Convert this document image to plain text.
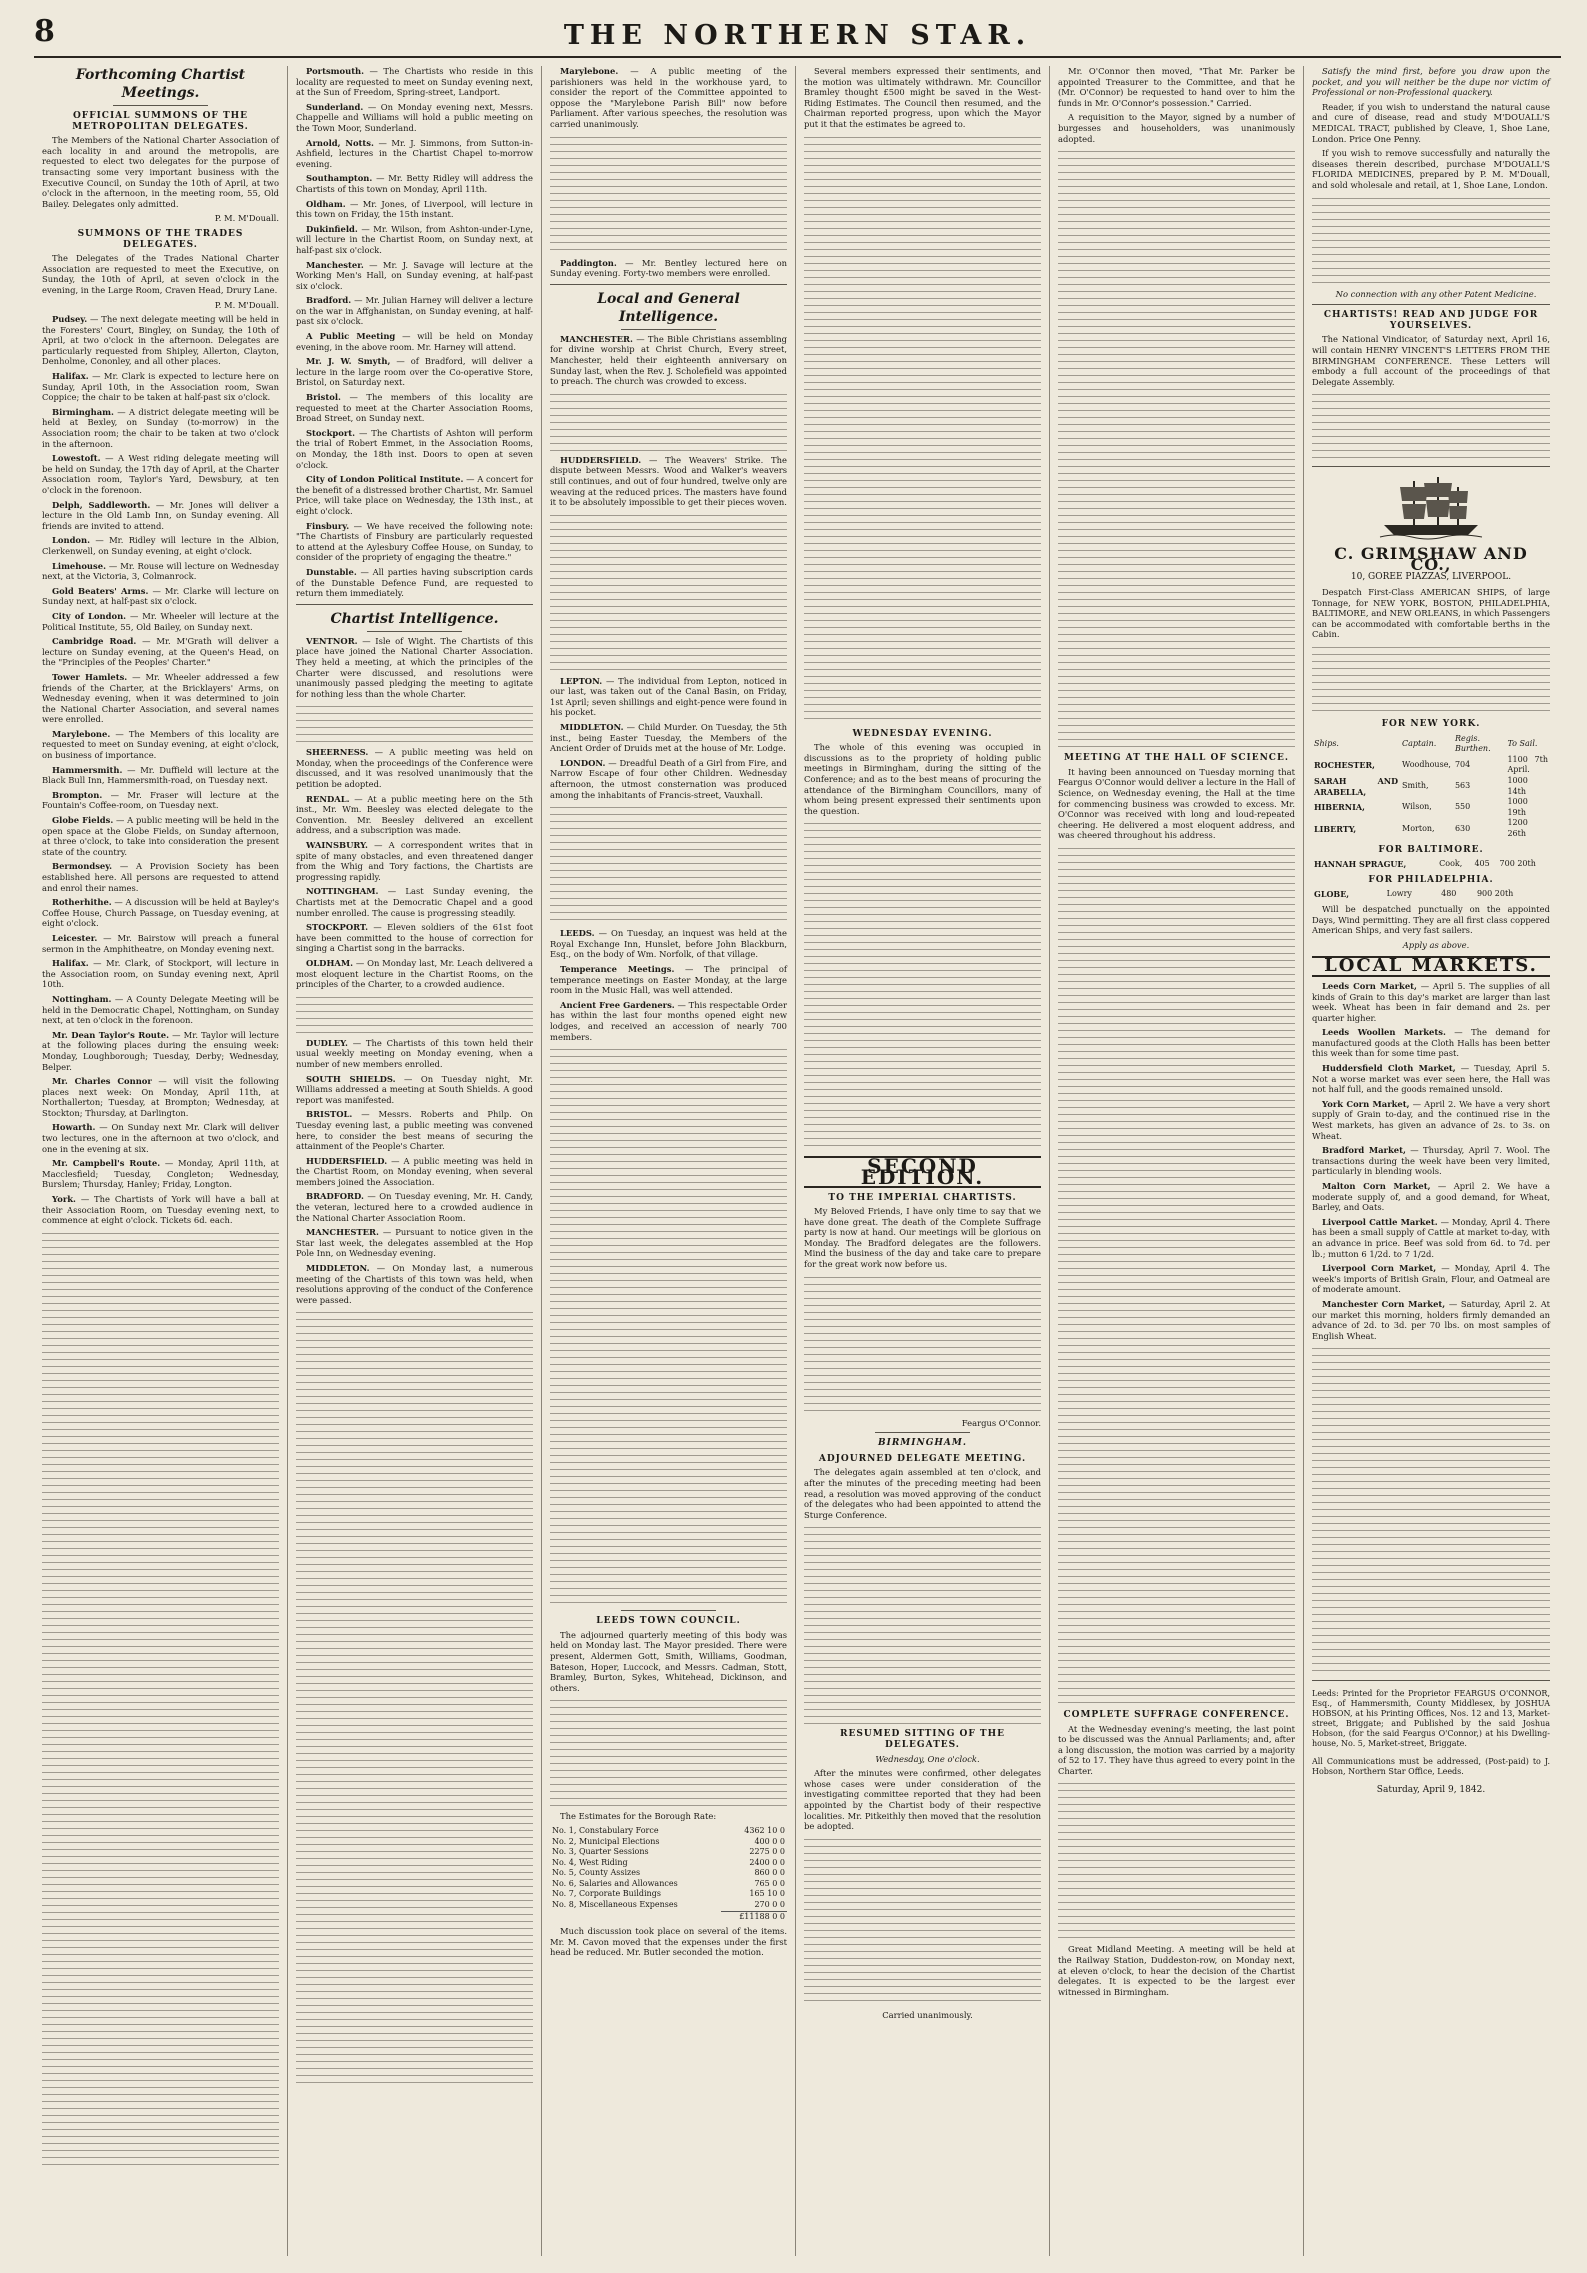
8	THE NORTHERN STAR.
Forthcoming Chartist Meetings.
OFFICIAL SUMMONS OF THE METROPOLITAN DELEGATES.

The Members of the National Charter Association of each locality in and around the metropolis, are requested to elect two delegates for the purpose of transacting some very important business with the Executive Council, on Sunday the 10th of April, at two o'clock in the afternoon, in the meeting room, 55, Old Bailey. Delegates only admitted.

P. M. M'Douall.

SUMMONS OF THE TRADES DELEGATES.

The Delegates of the Trades National Charter Association are requested to meet the Executive, on Sunday, the 10th of April, at seven o'clock in the evening, in the Large Room, Craven Head, Drury Lane.

P. M. M'Douall.

Pudsey. — The next delegate meeting will be held in the Foresters' Court, Bingley, on Sunday, the 10th of April, at two o'clock in the afternoon. Delegates are particularly requested from Shipley, Allerton, Clayton, Denholme, Cononley, and all other places.

Halifax. — Mr. Clark is expected to lecture here on Sunday, April 10th, in the Association room, Swan Coppice; the chair to be taken at half-past six o'clock.

Birmingham. — A district delegate meeting will be held at Bexley, on Sunday (to-morrow) in the Association room; the chair to be taken at two o'clock in the afternoon.

Lowestoft. — A West riding delegate meeting will be held on Sunday, the 17th day of April, at the Charter Association room, Taylor's Yard, Dewsbury, at ten o'clock in the forenoon.

Delph, Saddleworth. — Mr. Jones will deliver a lecture in the Old Lamb Inn, on Sunday evening. All friends are invited to attend.

London. — Mr. Ridley will lecture in the Albion, Clerkenwell, on Sunday evening, at eight o'clock.

Limehouse. — Mr. Rouse will lecture on Wednesday next, at the Victoria, 3, Colmanrock.

Gold Beaters' Arms. — Mr. Clarke will lecture on Sunday next, at half-past six o'clock.

City of London. — Mr. Wheeler will lecture at the Political Institute, 55, Old Bailey, on Sunday next.

Cambridge Road. — Mr. M'Grath will deliver a lecture on Sunday evening, at the Queen's Head, on the "Principles of the Peoples' Charter."

Tower Hamlets. — Mr. Wheeler addressed a few friends of the Charter, at the Bricklayers' Arms, on Wednesday evening, when it was determined to join the National Charter Association, and several names were enrolled.

Marylebone. — The Members of this locality are requested to meet on Sunday evening, at eight o'clock, on business of importance.

Hammersmith. — Mr. Duffield will lecture at the Black Bull Inn, Hammersmith-road, on Tuesday next.

Brompton. — Mr. Fraser will lecture at the Fountain's Coffee-room, on Tuesday next.

Globe Fields. — A public meeting will be held in the open space at the Globe Fields, on Sunday afternoon, at three o'clock, to take into consideration the present state of the country.

Bermondsey. — A Provision Society has been established here. All persons are requested to attend and enrol their names.

Rotherhithe. — A discussion will be held at Bayley's Coffee House, Church Passage, on Tuesday evening, at eight o'clock.

Leicester. — Mr. Bairstow will preach a funeral sermon in the Amphitheatre, on Monday evening next.

Halifax. — Mr. Clark, of Stockport, will lecture in the Association room, on Sunday evening next, April 10th.

Nottingham. — A County Delegate Meeting will be held in the Democratic Chapel, Nottingham, on Sunday next, at ten o'clock in the forenoon.

Mr. Dean Taylor's Route. — Mr. Taylor will lecture at the following places during the ensuing week: Monday, Loughborough; Tuesday, Derby; Wednesday, Belper.

Mr. Charles Connor — will visit the following places next week: On Monday, April 11th, at Northallerton; Tuesday, at Brompton; Wednesday, at Stockton; Thursday, at Darlington.

Howarth. — On Sunday next Mr. Clark will deliver two lectures, one in the afternoon at two o'clock, and one in the evening at six.

Mr. Campbell's Route. — Monday, April 11th, at Macclesfield; Tuesday, Congleton; Wednesday, Burslem; Thursday, Hanley; Friday, Longton.

York. — The Chartists of York will have a ball at their Association Room, on Tuesday evening next, to commence at eight o'clock. Tickets 6d. each.

Portsmouth. — The Chartists who reside in this locality are requested to meet on Sunday evening next, at the Sun of Freedom, Spring-street, Landport.

Sunderland. — On Monday evening next, Messrs. Chappelle and Williams will hold a public meeting on the Town Moor, Sunderland.

Arnold, Notts. — Mr. J. Simmons, from Sutton-in-Ashfield, lectures in the Chartist Chapel to-morrow evening.

Southampton. — Mr. Betty Ridley will address the Chartists of this town on Monday, April 11th.

Oldham. — Mr. Jones, of Liverpool, will lecture in this town on Friday, the 15th instant.

Dukinfield. — Mr. Wilson, from Ashton-under-Lyne, will lecture in the Chartist Room, on Sunday next, at half-past six o'clock.

Manchester. — Mr. J. Savage will lecture at the Working Men's Hall, on Sunday evening, at half-past six o'clock.

Bradford. — Mr. Julian Harney will deliver a lecture on the war in Affghanistan, on Sunday evening, at half-past six o'clock.

A Public Meeting — will be held on Monday evening, in the above room. Mr. Harney will attend.

Mr. J. W. Smyth, — of Bradford, will deliver a lecture in the large room over the Co-operative Store, Bristol, on Saturday next.

Bristol. — The members of this locality are requested to meet at the Charter Association Rooms, Broad Street, on Sunday next.

Stockport. — The Chartists of Ashton will perform the trial of Robert Emmet, in the Association Rooms, on Monday, the 18th inst. Doors to open at seven o'clock.

City of London Political Institute. — A concert for the benefit of a distressed brother Chartist, Mr. Samuel Price, will take place on Wednesday, the 13th inst., at eight o'clock.

Finsbury. — We have received the following note: "The Chartists of Finsbury are particularly requested to attend at the Aylesbury Coffee House, on Sunday, to consider of the propriety of engaging the theatre."

Dunstable. — All parties having subscription cards of the Dunstable Defence Fund, are requested to return them immediately.

Chartist Intelligence.

VENTNOR. — Isle of Wight. The Chartists of this place have joined the National Charter Association. They held a meeting, at which the principles of the Charter were discussed, and resolutions were unanimously passed pledging the meeting to agitate for nothing less than the whole Charter.

SHEERNESS. — A public meeting was held on Monday, when the proceedings of the Conference were discussed, and it was resolved unanimously that the petition be adopted.

RENDAL. — At a public meeting here on the 5th inst., Mr. Wm. Beesley was elected delegate to the Convention. Mr. Beesley delivered an excellent address, and a subscription was made.

WAINSBURY. — A correspondent writes that in spite of many obstacles, and even threatened danger from the Whig and Tory factions, the Chartists are progressing rapidly.

NOTTINGHAM. — Last Sunday evening, the Chartists met at the Democratic Chapel and a good number enrolled. The cause is progressing steadily.

STOCKPORT. — Eleven soldiers of the 61st foot have been committed to the house of correction for singing a Chartist song in the barracks.

OLDHAM. — On Monday last, Mr. Leach delivered a most eloquent lecture in the Chartist Rooms, on the principles of the Charter, to a crowded audience.

DUDLEY. — The Chartists of this town held their usual weekly meeting on Monday evening, when a number of new members enrolled.

SOUTH SHIELDS. — On Tuesday night, Mr. Williams addressed a meeting at South Shields. A good report was manifested.

BRISTOL. — Messrs. Roberts and Philp. On Tuesday evening last, a public meeting was convened here, to consider the best means of securing the attainment of the People's Charter.

HUDDERSFIELD. — A public meeting was held in the Chartist Room, on Monday evening, when several members joined the Association.

BRADFORD. — On Tuesday evening, Mr. H. Candy, the veteran, lectured here to a crowded audience in the National Charter Association Room.

MANCHESTER. — Pursuant to notice given in the Star last week, the delegates assembled at the Hop Pole Inn, on Wednesday evening.

MIDDLETON. — On Monday last, a numerous meeting of the Chartists of this town was held, when resolutions approving of the conduct of the Conference were passed.

Marylebone. — A public meeting of the parishioners was held in the workhouse yard, to consider the report of the Committee appointed to oppose the "Marylebone Parish Bill" now before Parliament. After various speeches, the resolution was carried unanimously.

Paddington. — Mr. Bentley lectured here on Sunday evening. Forty-two members were enrolled.

Local and General Intelligence.

MANCHESTER. — The Bible Christians assembling for divine worship at Christ Church, Every street, Manchester, held their eighteenth anniversary on Sunday last, when the Rev. J. Scholefield was appointed to preach. The church was crowded to excess.

HUDDERSFIELD. — The Weavers' Strike. The dispute between Messrs. Wood and Walker's weavers still continues, and out of four hundred, twelve only are weaving at the reduced prices. The masters have found it to be absolutely impossible to get their pieces woven.

LEPTON. — The individual from Lepton, noticed in our last, was taken out of the Canal Basin, on Friday, 1st April; seven shillings and eight-pence were found in his pocket.

MIDDLETON. — Child Murder. On Tuesday, the 5th inst., being Easter Tuesday, the Members of the Ancient Order of Druids met at the house of Mr. Lodge.

LONDON. — Dreadful Death of a Girl from Fire, and Narrow Escape of four other Children. Wednesday afternoon, the utmost consternation was produced among the inhabitants of Francis-street, Vauxhall.

LEEDS. — On Tuesday, an inquest was held at the Royal Exchange Inn, Hunslet, before John Blackburn, Esq., on the body of Wm. Norfolk, of that village.

Temperance Meetings. — The principal of temperance meetings on Easter Monday, at the large room in the Music Hall, was well attended.

Ancient Free Gardeners. — This respectable Order has within the last four months opened eight new lodges, and received an accession of nearly 700 members.

LEEDS TOWN COUNCIL.

The adjourned quarterly meeting of this body was held on Monday last. The Mayor presided. There were present, Aldermen Gott, Smith, Williams, Goodman, Bateson, Hoper, Luccock, and Messrs. Cadman, Stott, Bramley, Burton, Sykes, Whitehead, Dickinson, and others.

The Estimates for the Borough Rate:

No. 1, Constabulary Force	4362 10 0
No. 2, Municipal Elections	400 0 0
No. 3, Quarter Sessions	2275 0 0
No. 4, West Riding	2400 0 0
No. 5, County Assizes	860 0 0
No. 6, Salaries and Allowances	765 0 0
No. 7, Corporate Buildings	165 10 0
No. 8, Miscellaneous Expenses	270 0 0
	£11188 0 0

Much discussion took place on several of the items. Mr. M. Cavon moved that the expenses under the first head be reduced. Mr. Butler seconded the motion.

Several members expressed their sentiments, and the motion was ultimately withdrawn. Mr. Councillor Bramley thought £500 might be saved in the West-Riding Estimates. The Council then resumed, and the Chairman reported progress, upon which the Mayor put it that the estimates be agreed to.

WEDNESDAY EVENING.

The whole of this evening was occupied in discussions as to the propriety of holding public meetings in Birmingham, during the sitting of the Conference; and as to the best means of procuring the attendance of the Birmingham Councillors, many of whom being present expressed their sentiments upon the question.

SECOND EDITION.
TO THE IMPERIAL CHARTISTS.

My Beloved Friends, I have only time to say that we have done great. The death of the Complete Suffrage party is now at hand. Our meetings will be glorious on Monday. The Bradford delegates are the followers. Mind the business of the day and take care to prepare for the great work now before us.

Feargus O'Connor.

BIRMINGHAM.
ADJOURNED DELEGATE MEETING.

The delegates again assembled at ten o'clock, and after the minutes of the preceding meeting had been read, a resolution was moved approving of the conduct of the delegates who had been appointed to attend the Sturge Conference.

RESUMED SITTING OF THE DELEGATES.

Wednesday, One o'clock.

After the minutes were confirmed, other delegates whose cases were under consideration of the investigating committee reported that they had been appointed by the Chartist body of their respective localities. Mr. Pitkeithly then moved that the resolution be adopted.

Carried unanimously.

Mr. O'Connor then moved, "That Mr. Parker be appointed Treasurer to the Committee, and that he (Mr. O'Connor) be requested to hand over to him the funds in Mr. O'Connor's possession." Carried.

A requisition to the Mayor, signed by a number of burgesses and householders, was unanimously adopted.

MEETING AT THE HALL OF SCIENCE.

It having been announced on Tuesday morning that Feargus O'Connor would deliver a lecture in the Hall of Science, on Wednesday evening, the Hall at the time for commencing business was crowded to excess. Mr. O'Connor was received with long and loud-repeated cheering. He delivered a most eloquent address, and was cheered throughout his address.

COMPLETE SUFFRAGE CONFERENCE.

At the Wednesday evening's meeting, the last point to be discussed was the Annual Parliaments; and, after a long discussion, the motion was carried by a majority of 52 to 17. They have thus agreed to every point in the Charter.

Great Midland Meeting. A meeting will be held at the Railway Station, Duddeston-row, on Monday next, at eleven o'clock, to hear the decision of the Chartist delegates. It is expected to be the largest ever witnessed in Birmingham.

Satisfy the mind first, before you draw upon the pocket, and you will neither be the dupe nor victim of Professional or non-Professional quackery.

Reader, if you wish to understand the natural cause and cure of disease, read and study M'DOUALL'S MEDICAL TRACT, published by Cleave, 1, Shoe Lane, London. Price One Penny.

If you wish to remove successfully and naturally the diseases therein described, purchase M'DOUALL'S FLORIDA MEDICINES, prepared by P. M. M'Douall, and sold wholesale and retail, at 1, Shoe Lane, London.

No connection with any other Patent Medicine.

CHARTISTS! READ AND JUDGE FOR YOURSELVES.

The National Vindicator, of Saturday next, April 16, will contain HENRY VINCENT'S LETTERS FROM THE BIRMINGHAM CONFERENCE. These Letters will embody a full account of the proceedings of that Delegate Assembly.

C. GRIMSHAW AND CO.,
10, GOREE PIAZZAS, LIVERPOOL.

Despatch First-Class AMERICAN SHIPS, of large Tonnage, for NEW YORK, BOSTON, PHILADELPHIA, BALTIMORE, and NEW ORLEANS, in which Passengers can be accommodated with comfortable berths in the Cabin.

FOR NEW YORK.
Ships.	Captain.	Regis. Burthen.	To Sail.
ROCHESTER,	Woodhouse,	704	1100 7th April.
SARAH AND ARABELLA,	Smith,	563	1000 14th
HIBERNIA,	Wilson,	550	1000 19th
LIBERTY,	Morton,	630	1200 26th
FOR BALTIMORE.
HANNAH SPRAGUE,	Cook,	405	700 20th
FOR PHILADELPHIA.
GLOBE,	Lowry	480	900 20th

Will be despatched punctually on the appointed Days, Wind permitting. They are all first class coppered American Ships, and very fast sailers.

Apply as above.

LOCAL MARKETS.

Leeds Corn Market, — April 5. The supplies of all kinds of Grain to this day's market are larger than last week. Wheat has been in fair demand and 2s. per quarter higher.

Leeds Woollen Markets. — The demand for manufactured goods at the Cloth Halls has been better this week than for some time past.

Huddersfield Cloth Market, — Tuesday, April 5. Not a worse market was ever seen here, the Hall was not half full, and the goods remained unsold.

York Corn Market, — April 2. We have a very short supply of Grain to-day, and the continued rise in the West markets, has given an advance of 2s. to 3s. on Wheat.

Bradford Market, — Thursday, April 7. Wool. The transactions during the week have been very limited, particularly in blending wools.

Malton Corn Market, — April 2. We have a moderate supply of, and a good demand, for Wheat, Barley, and Oats.

Liverpool Cattle Market. — Monday, April 4. There has been a small supply of Cattle at market to-day, with an advance in price. Beef was sold from 6d. to 7d. per lb.; mutton 6 1/2d. to 7 1/2d.

Liverpool Corn Market, — Monday, April 4. The week's imports of British Grain, Flour, and Oatmeal are of moderate amount.

Manchester Corn Market, — Saturday, April 2. At our market this morning, holders firmly demanded an advance of 2d. to 3d. per 70 lbs. on most samples of English Wheat.

Leeds: Printed for the Proprietor FEARGUS O'CONNOR, Esq., of Hammersmith, County Middlesex, by JOSHUA HOBSON, at his Printing Offices, Nos. 12 and 13, Market-street, Briggate; and Published by the said Joshua Hobson, (for the said Feargus O'Connor,) at his Dwelling-house, No. 5, Market-street, Briggate.

All Communications must be addressed, (Post-paid) to J. Hobson, Northern Star Office, Leeds.

Saturday, April 9, 1842.
